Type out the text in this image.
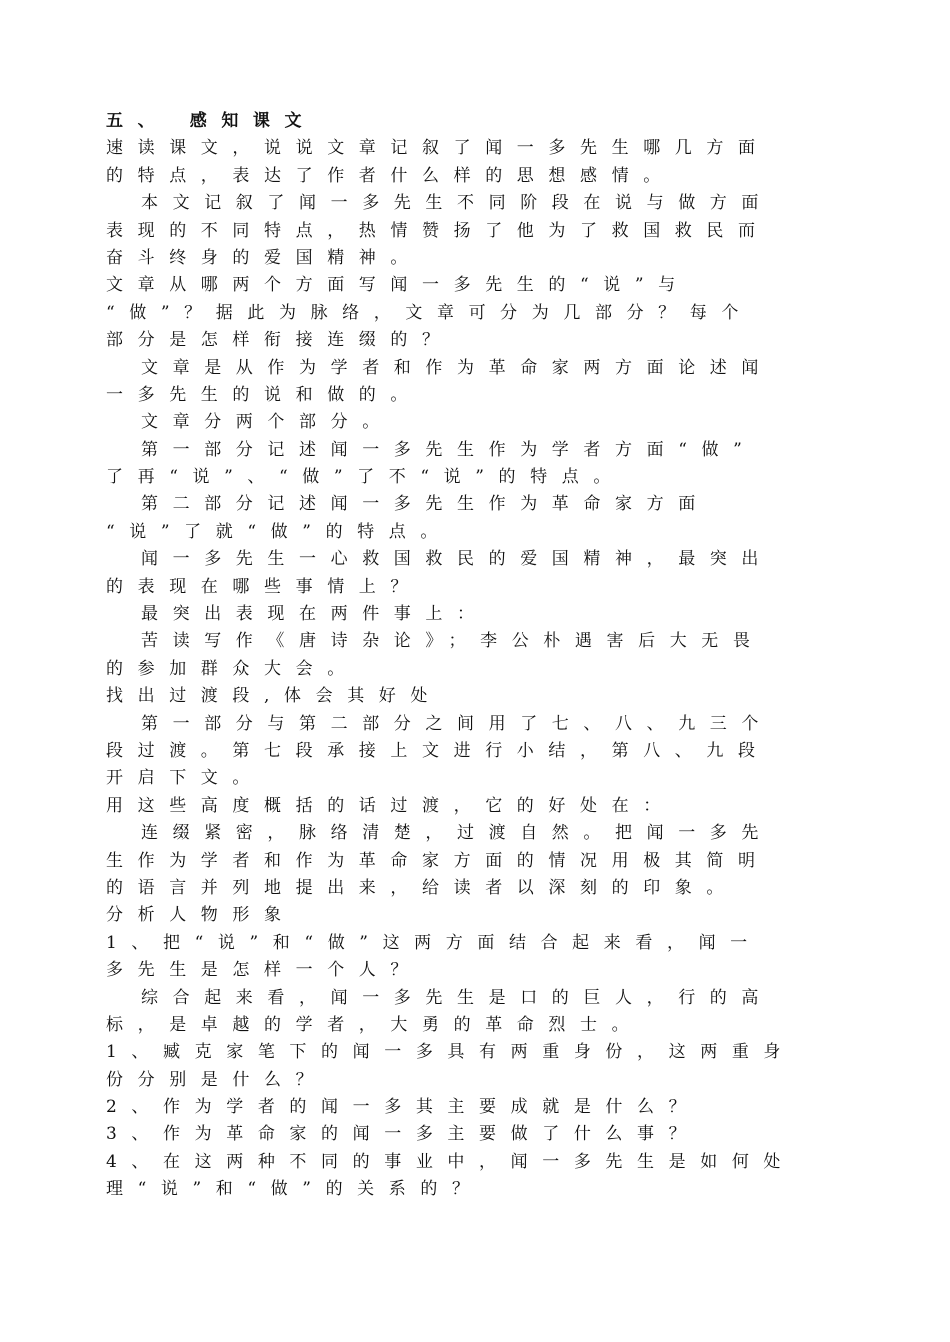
五、 感知课文
速读课文，说说文章记叙了闻一多先生哪几方面
的特点，表达了作者什么样的思想感情。
本文记叙了闻一多先生不同阶段在说与做方面
表现的不同特点，热情赞扬了他为了救国救民而
奋斗终身的爱国精神。
文章从哪两个方面写闻一多先生的“说”与
“做”？据此为脉络，文章可分为几部分？每个
部分是怎样衔接连缀的？
文章是从作为学者和作为革命家两方面论述闻
一多先生的说和做的。
文章分两个部分。
第一部分记述闻一多先生作为学者方面“做”
了再“说”、“做”了不“说”的特点。
第二部分记述闻一多先生作为革命家方面
“说”了就“做”的特点。
闻一多先生一心救国救民的爱国精神，最突出
的表现在哪些事情上？
最突出表现在两件事上：
苦读写作《唐诗杂论》；李公朴遇害后大无畏
的参加群众大会。
找出过渡段,体会其好处
第一部分与第二部分之间用了七、八、九三个
段过渡。第七段承接上文进行小结，第八、九段
开启下文。
用这些高度概括的话过渡，它的好处在：
连缀紧密，脉络清楚，过渡自然。把闻一多先
生作为学者和作为革命家方面的情况用极其简明
的语言并列地提出来，给读者以深刻的印象。
分析人物形象
1、把“说”和“做”这两方面结合起来看，闻一
多先生是怎样一个人？
综合起来看，闻一多先生是口的巨人，行的高
标，是卓越的学者，大勇的革命烈士。
1、臧克家笔下的闻一多具有两重身份，这两重身
份分别是什么？
2、作为学者的闻一多其主要成就是什么？
3、作为革命家的闻一多主要做了什么事？
4、在这两种不同的事业中，闻一多先生是如何处
理“说”和“做”的关系的？
